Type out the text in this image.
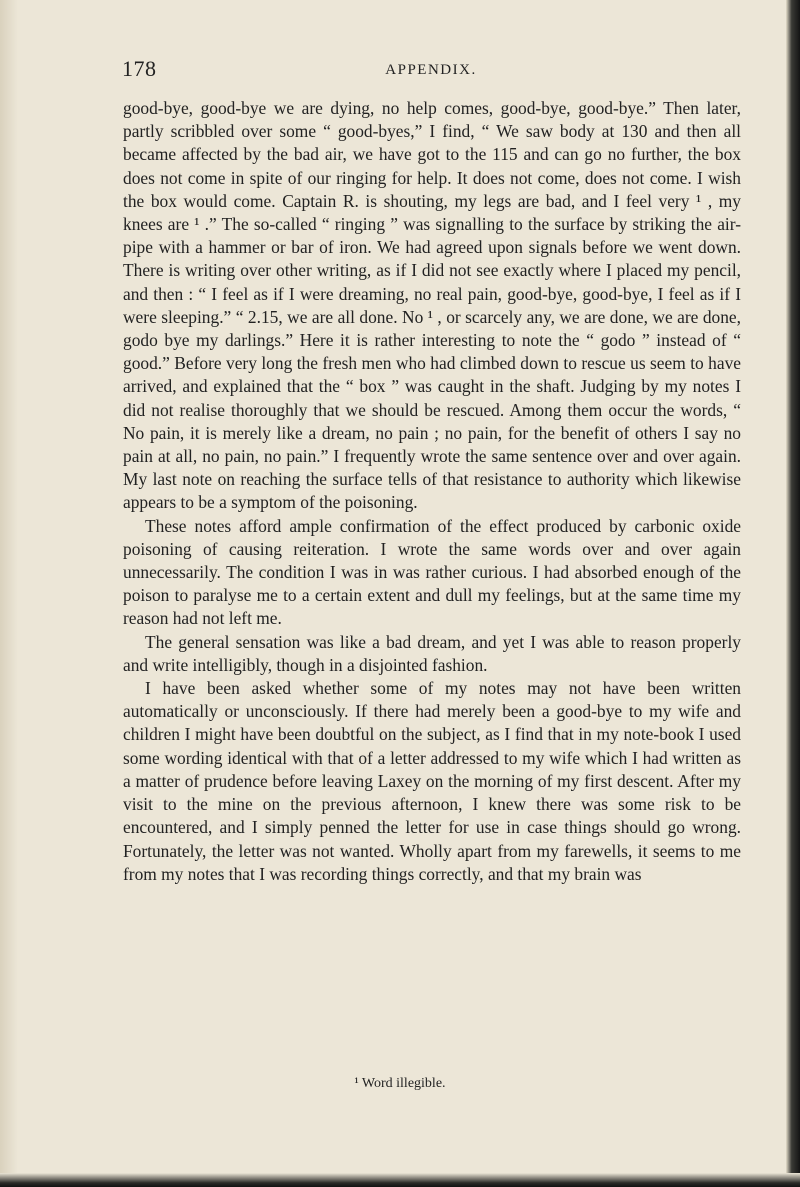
178	APPENDIX.

good-bye, good-bye we are dying, no help comes, good-bye, good-bye.” Then later, partly scribbled over some “ good-byes,” I find, “ We saw body at 130 and then all became affected by the bad air, we have got to the 115 and can go no further, the box does not come in spite of our ringing for help. It does not come, does not come. I wish the box would come. Captain R. is shouting, my legs are bad, and I feel very ¹ , my knees are ¹ .” The so-called “ ringing ” was signalling to the surface by striking the air-pipe with a hammer or bar of iron. We had agreed upon signals before we went down. There is writing over other writing, as if I did not see exactly where I placed my pencil, and then : “ I feel as if I were dreaming, no real pain, good-bye, good-bye, I feel as if I were sleeping.” “ 2.15, we are all done. No ¹ , or scarcely any, we are done, we are done, godo bye my darlings.” Here it is rather interesting to note the “ godo ” instead of “ good.” Before very long the fresh men who had climbed down to rescue us seem to have arrived, and explained that the “ box ” was caught in the shaft. Judging by my notes I did not realise thoroughly that we should be rescued. Among them occur the words, “ No pain, it is merely like a dream, no pain ; no pain, for the benefit of others I say no pain at all, no pain, no pain.” I frequently wrote the same sentence over and over again. My last note on reaching the surface tells of that resistance to authority which likewise appears to be a symptom of the poisoning.

These notes afford ample confirmation of the effect produced by carbonic oxide poisoning of causing reiteration. I wrote the same words over and over again unnecessarily. The condition I was in was rather curious. I had absorbed enough of the poison to paralyse me to a certain extent and dull my feelings, but at the same time my reason had not left me.

The general sensation was like a bad dream, and yet I was able to reason properly and write intelligibly, though in a disjointed fashion.

I have been asked whether some of my notes may not have been written automatically or unconsciously. If there had merely been a good-bye to my wife and children I might have been doubtful on the subject, as I find that in my note-book I used some wording identical with that of a letter addressed to my wife which I had written as a matter of prudence before leaving Laxey on the morning of my first descent. After my visit to the mine on the previous afternoon, I knew there was some risk to be encountered, and I simply penned the letter for use in case things should go wrong. Fortunately, the letter was not wanted. Wholly apart from my farewells, it seems to me from my notes that I was recording things correctly, and that my brain was

¹ Word illegible.
